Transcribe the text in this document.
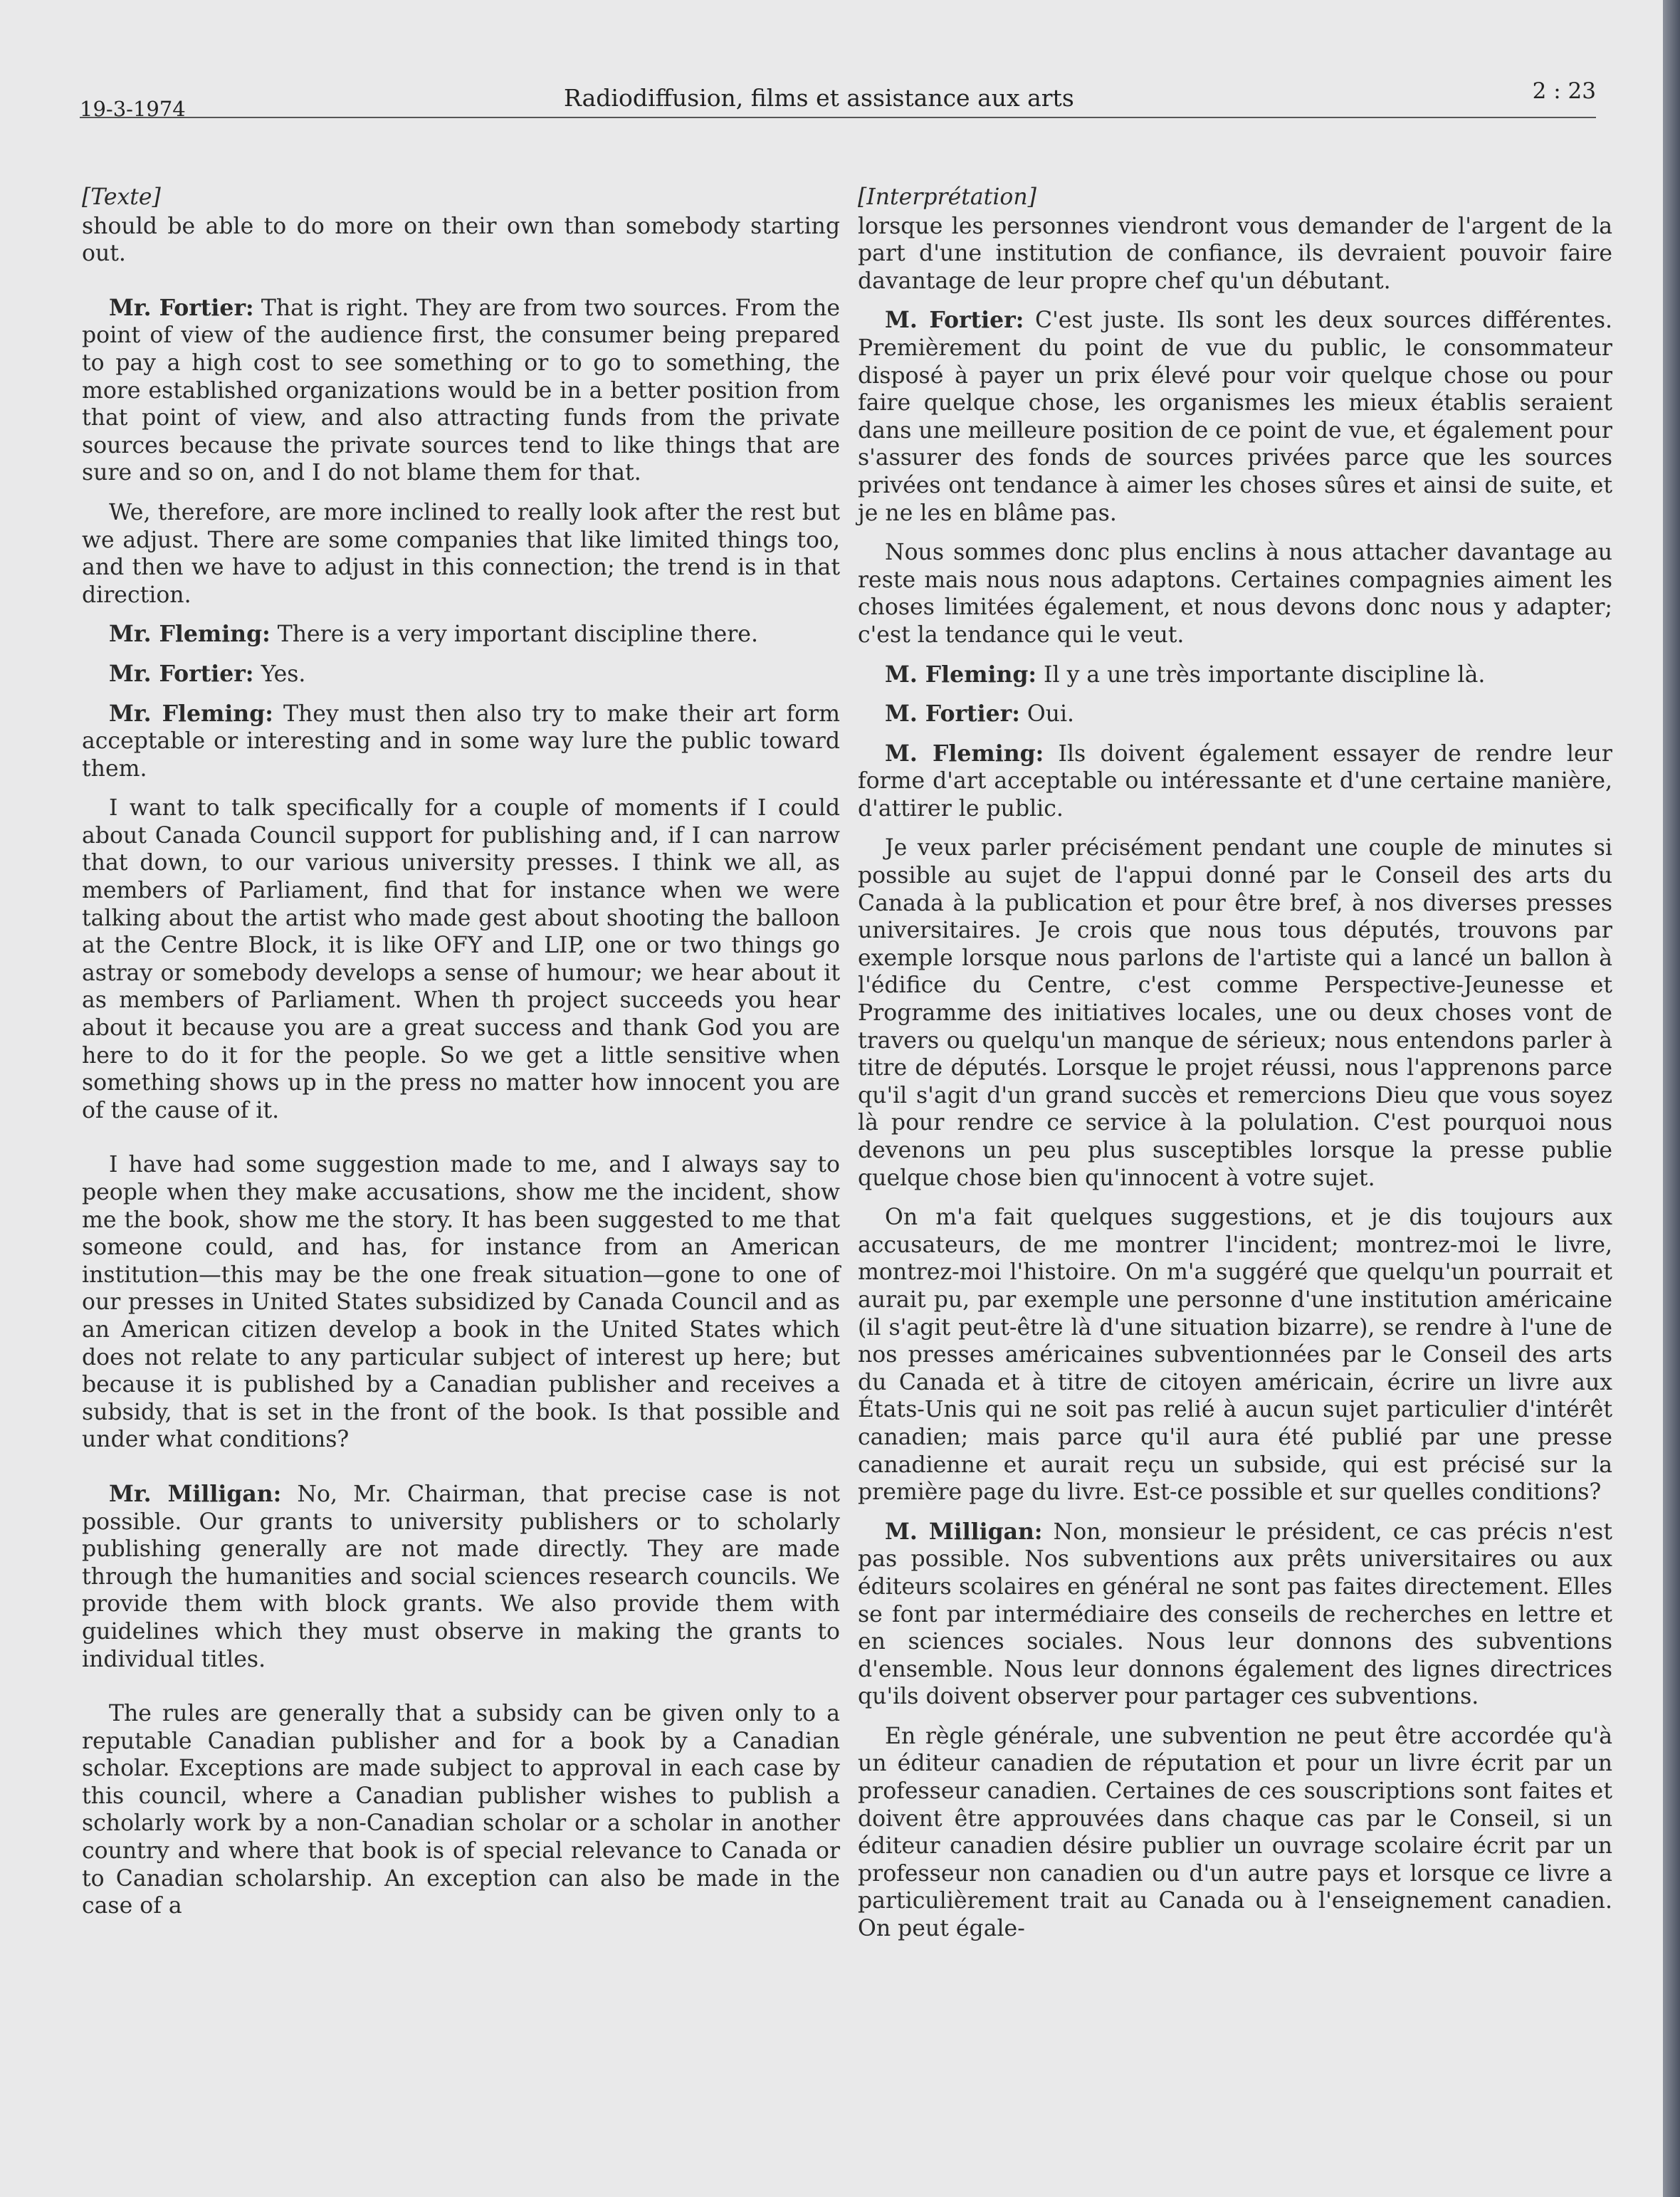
19-3-1974	Radiodiffusion, films et assistance aux arts	2 : 23
[Texte]

should be able to do more on their own than somebody starting out.

Mr. Fortier: That is right. They are from two sources. From the point of view of the audience first, the consumer being prepared to pay a high cost to see something or to go to something, the more established organizations would be in a better position from that point of view, and also attracting funds from the private sources because the private sources tend to like things that are sure and so on, and I do not blame them for that.

We, therefore, are more inclined to really look after the rest but we adjust. There are some companies that like limited things too, and then we have to adjust in this connection; the trend is in that direction.

Mr. Fleming: There is a very important discipline there.

Mr. Fortier: Yes.

Mr. Fleming: They must then also try to make their art form acceptable or interesting and in some way lure the public toward them.

I want to talk specifically for a couple of moments if I could about Canada Council support for publishing and, if I can narrow that down, to our various university presses. I think we all, as members of Parliament, find that for instance when we were talking about the artist who made gest about shooting the balloon at the Centre Block, it is like OFY and LIP, one or two things go astray or somebody develops a sense of humour; we hear about it as members of Parliament. When th project succeeds you hear about it because you are a great success and thank God you are here to do it for the people. So we get a little sensitive when something shows up in the press no matter how innocent you are of the cause of it.

I have had some suggestion made to me, and I always say to people when they make accusations, show me the incident, show me the book, show me the story. It has been suggested to me that someone could, and has, for instance from an American institution—this may be the one freak situation—gone to one of our presses in United States subsidized by Canada Council and as an American citizen develop a book in the United States which does not relate to any particular subject of interest up here; but because it is published by a Canadian publisher and receives a subsidy, that is set in the front of the book. Is that possible and under what conditions?

Mr. Milligan: No, Mr. Chairman, that precise case is not possible. Our grants to university publishers or to scholarly publishing generally are not made directly. They are made through the humanities and social sciences research councils. We provide them with block grants. We also provide them with guidelines which they must observe in making the grants to individual titles.

The rules are generally that a subsidy can be given only to a reputable Canadian publisher and for a book by a Canadian scholar. Exceptions are made subject to approval in each case by this council, where a Canadian publisher wishes to publish a scholarly work by a non-Canadian scholar or a scholar in another country and where that book is of special relevance to Canada or to Canadian scholarship. An exception can also be made in the case of a

[Interprétation]

lorsque les personnes viendront vous demander de l'argent de la part d'une institution de confiance, ils devraient pouvoir faire davantage de leur propre chef qu'un débutant.

M. Fortier: C'est juste. Ils sont les deux sources différentes. Premièrement du point de vue du public, le consommateur disposé à payer un prix élevé pour voir quelque chose ou pour faire quelque chose, les organismes les mieux établis seraient dans une meilleure position de ce point de vue, et également pour s'assurer des fonds de sources privées parce que les sources privées ont tendance à aimer les choses sûres et ainsi de suite, et je ne les en blâme pas.

Nous sommes donc plus enclins à nous attacher davantage au reste mais nous nous adaptons. Certaines compagnies aiment les choses limitées également, et nous devons donc nous y adapter; c'est la tendance qui le veut.

M. Fleming: Il y a une très importante discipline là.

M. Fortier: Oui.

M. Fleming: Ils doivent également essayer de rendre leur forme d'art acceptable ou intéressante et d'une certaine manière, d'attirer le public.

Je veux parler précisément pendant une couple de minutes si possible au sujet de l'appui donné par le Conseil des arts du Canada à la publication et pour être bref, à nos diverses presses universitaires. Je crois que nous tous députés, trouvons par exemple lorsque nous parlons de l'artiste qui a lancé un ballon à l'édifice du Centre, c'est comme Perspective-Jeunesse et Programme des initiatives locales, une ou deux choses vont de travers ou quelqu'un manque de sérieux; nous entendons parler à titre de députés. Lorsque le projet réussi, nous l'apprenons parce qu'il s'agit d'un grand succès et remercions Dieu que vous soyez là pour rendre ce service à la polulation. C'est pourquoi nous devenons un peu plus susceptibles lorsque la presse publie quelque chose bien qu'innocent à votre sujet.

On m'a fait quelques suggestions, et je dis toujours aux accusateurs, de me montrer l'incident; montrez-moi le livre, montrez-moi l'histoire. On m'a suggéré que quelqu'un pourrait et aurait pu, par exemple une personne d'une institution américaine (il s'agit peut-être là d'une situation bizarre), se rendre à l'une de nos presses américaines subventionnées par le Conseil des arts du Canada et à titre de citoyen américain, écrire un livre aux États-Unis qui ne soit pas relié à aucun sujet particulier d'intérêt canadien; mais parce qu'il aura été publié par une presse canadienne et aurait reçu un subside, qui est précisé sur la première page du livre. Est-ce possible et sur quelles conditions?

M. Milligan: Non, monsieur le président, ce cas précis n'est pas possible. Nos subventions aux prêts universitaires ou aux éditeurs scolaires en général ne sont pas faites directement. Elles se font par intermédiaire des conseils de recherches en lettre et en sciences sociales. Nous leur donnons des subventions d'ensemble. Nous leur donnons également des lignes directrices qu'ils doivent observer pour partager ces subventions.

En règle générale, une subvention ne peut être accordée qu'à un éditeur canadien de réputation et pour un livre écrit par un professeur canadien. Certaines de ces souscriptions sont faites et doivent être approuvées dans chaque cas par le Conseil, si un éditeur canadien désire publier un ouvrage scolaire écrit par un professeur non canadien ou d'un autre pays et lorsque ce livre a particulièrement trait au Canada ou à l'enseignement canadien. On peut égale-
